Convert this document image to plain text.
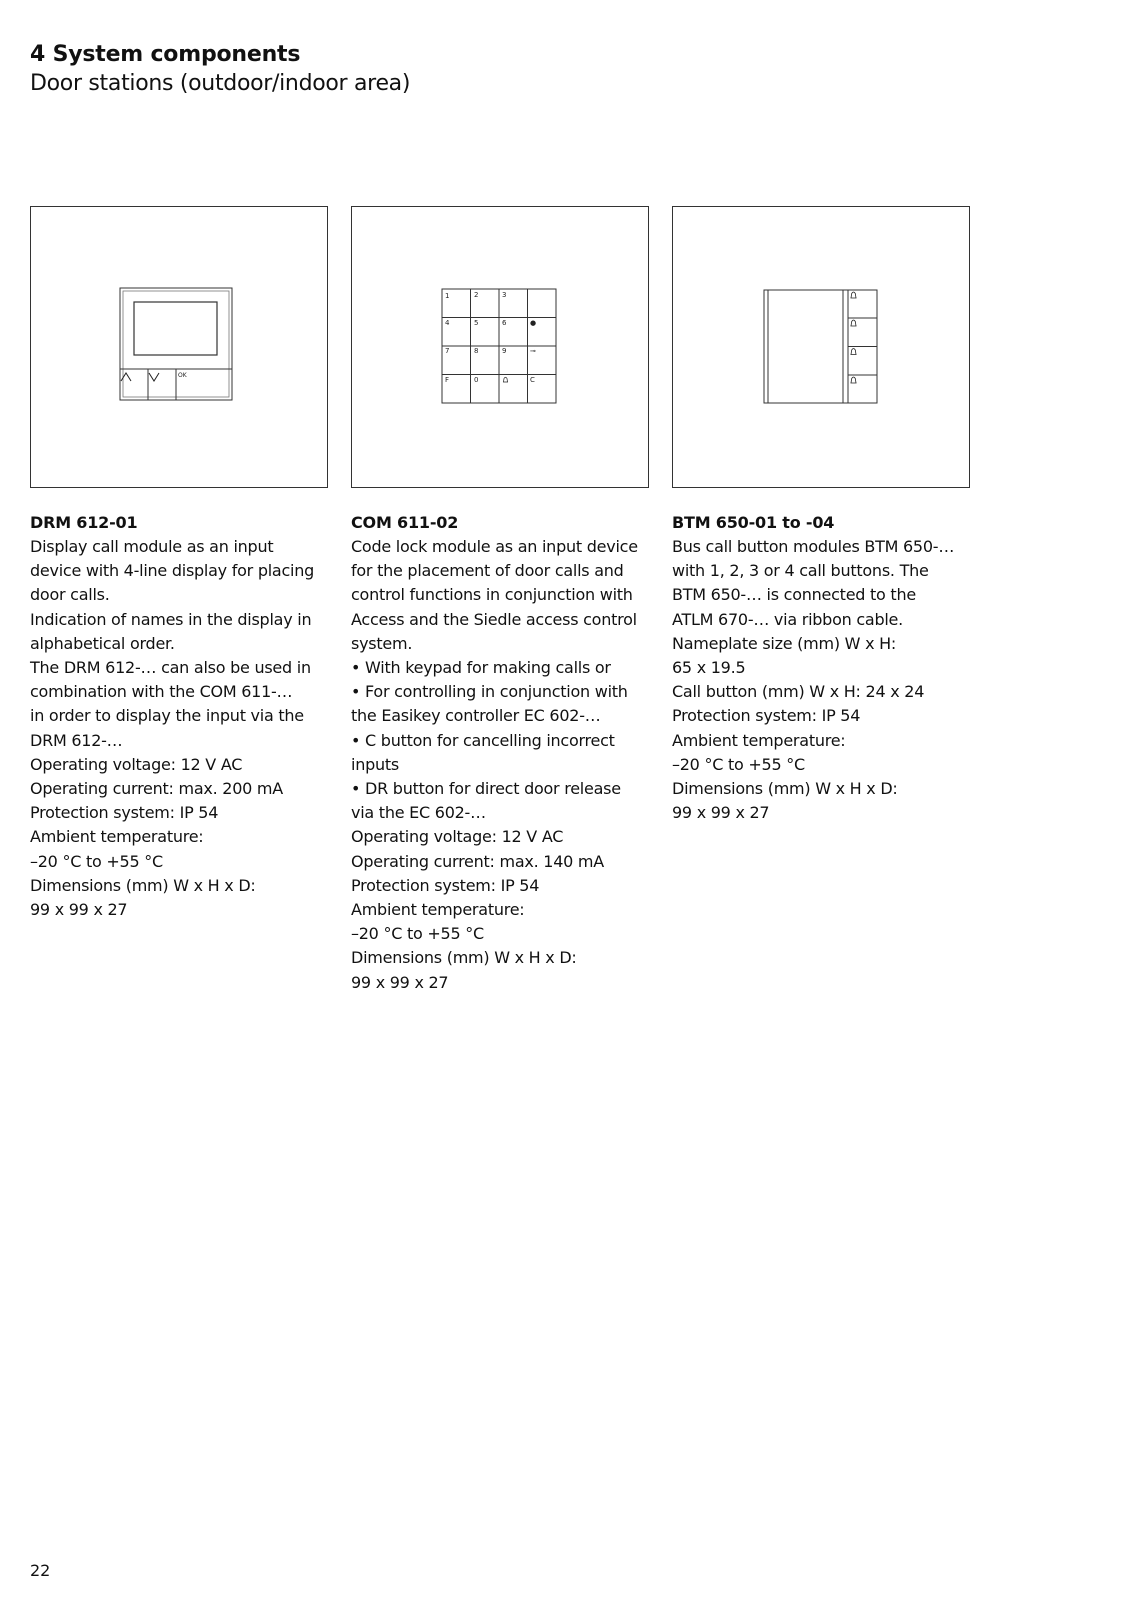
4 System components
Door stations (outdoor/indoor area)
OK
DRM 612-01
Display call module as an input
device with 4-line display for placing
door calls.
Indication of names in the display in
alphabetical order.
The DRM 612-… can also be used in
combination with the COM 611-…
in order to display the input via the
DRM 612-…
Operating voltage: 12 V AC
Operating current: max. 200 mA
Protection system: IP 54
Ambient temperature:
–20 °C to +55 °C
Dimensions (mm) W x H x D:
99 x 99 x 27
1	2	3
4	5	6	●
7	8	9	⊸
F	0	C
COM 611-02
Code lock module as an input device
for the placement of door calls and
control functions in conjunction with
Access and the Siedle access control
system.
• With keypad for making calls or
• For controlling in conjunction with
the Easikey controller EC 602-…
• C button for cancelling incorrect
inputs
• DR button for direct door release
via the EC 602-…
Operating voltage: 12 V AC
Operating current: max. 140 mA
Protection system: IP 54
Ambient temperature:
–20 °C to +55 °C
Dimensions (mm) W x H x D:
99 x 99 x 27
BTM 650-01 to -04
Bus call button modules BTM 650-…
with 1, 2, 3 or 4 call buttons. The
BTM 650-… is connected to the
ATLM 670-… via ribbon cable.
Nameplate size (mm) W x H:
65 x 19.5
Call button (mm) W x H: 24 x 24
Protection system: IP 54
Ambient temperature:
–20 °C to +55 °C
Dimensions (mm) W x H x D:
99 x 99 x 27
22
